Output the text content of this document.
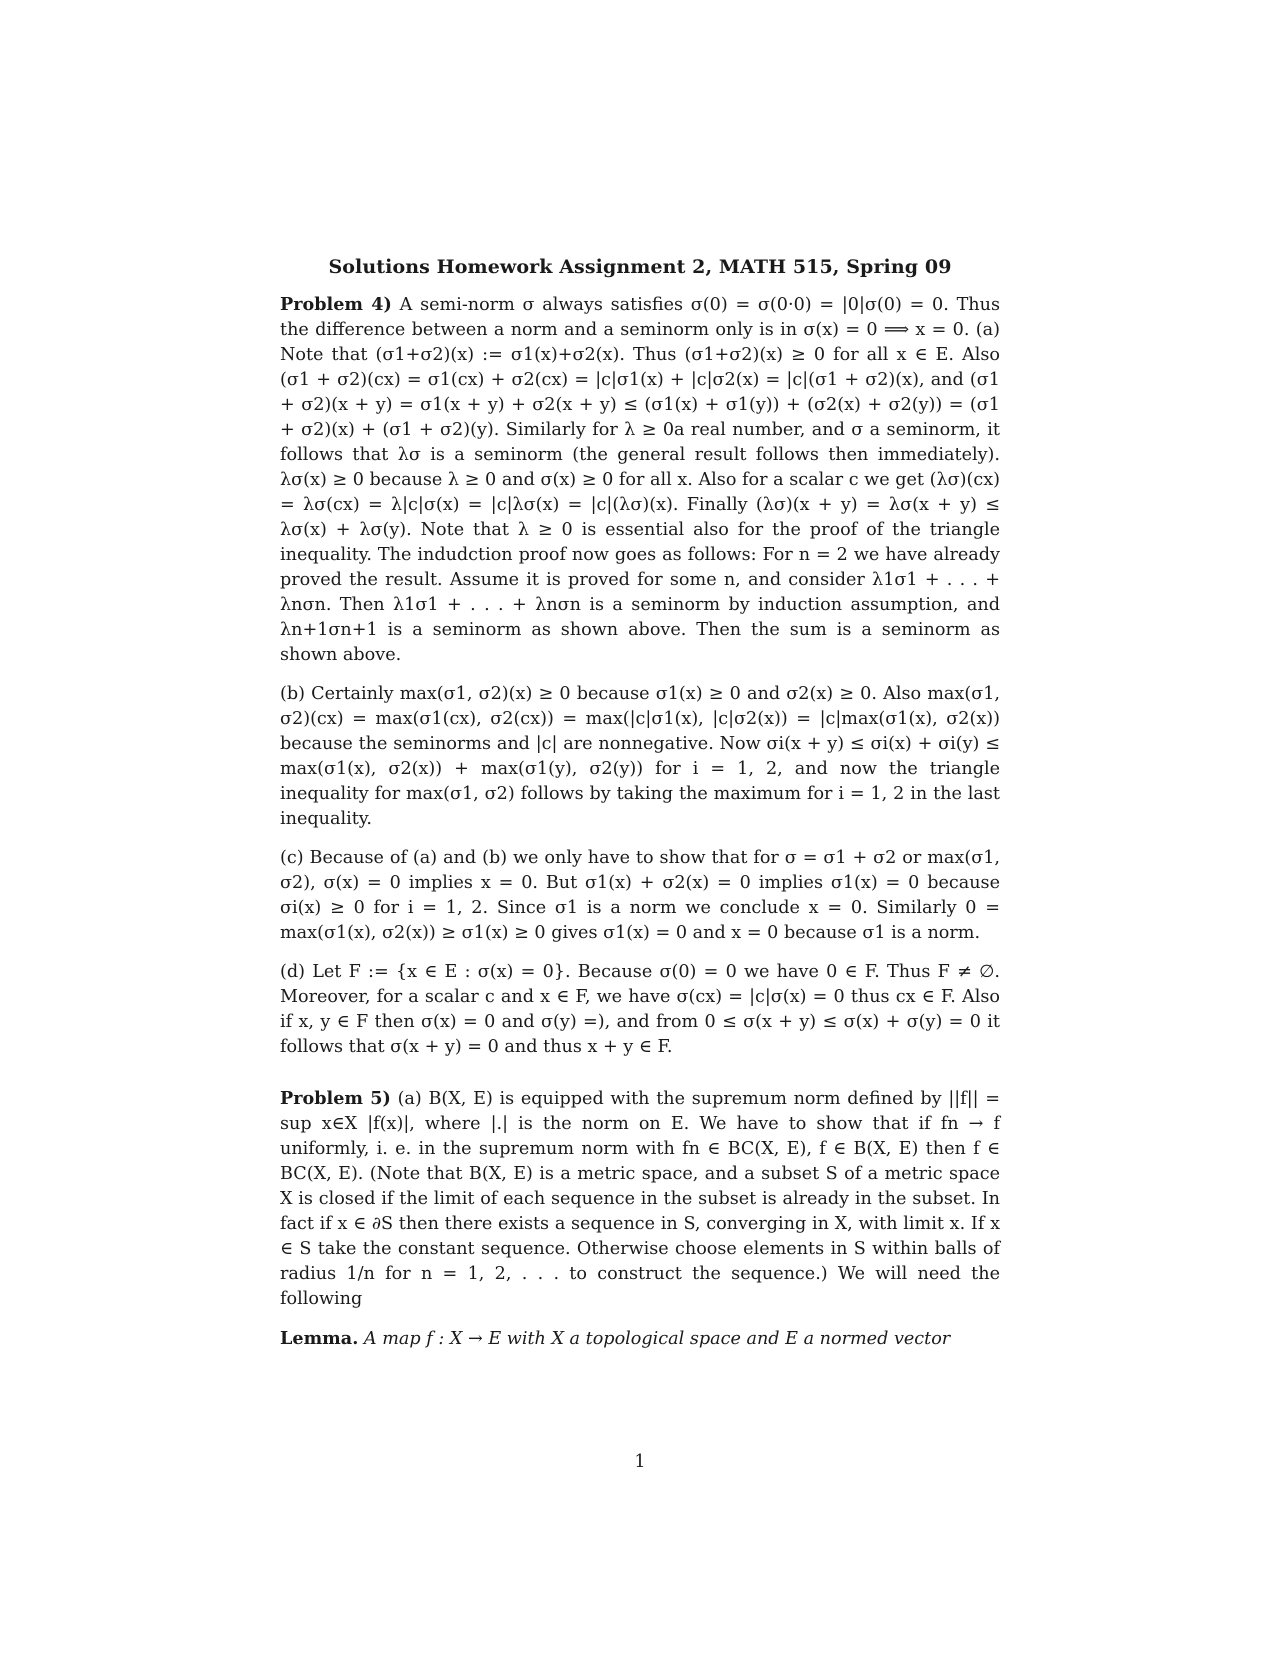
Solutions Homework Assignment 2, MATH 515, Spring 09

Problem 4) A semi-norm σ always satisfies σ(0) = σ(0·0) = |0|σ(0) = 0. Thus the difference between a norm and a seminorm only is in σ(x) = 0 ⟹ x = 0. (a) Note that (σ1+σ2)(x) := σ1(x)+σ2(x). Thus (σ1+σ2)(x) ≥ 0 for all x ∈ E. Also (σ1 + σ2)(cx) = σ1(cx) + σ2(cx) = |c|σ1(x) + |c|σ2(x) = |c|(σ1 + σ2)(x), and (σ1 + σ2)(x + y) = σ1(x + y) + σ2(x + y) ≤ (σ1(x) + σ1(y)) + (σ2(x) + σ2(y)) = (σ1 + σ2)(x) + (σ1 + σ2)(y). Similarly for λ ≥ 0a real number, and σ a seminorm, it follows that λσ is a seminorm (the general result follows then immediately). λσ(x) ≥ 0 because λ ≥ 0 and σ(x) ≥ 0 for all x. Also for a scalar c we get (λσ)(cx) = λσ(cx) = λ|c|σ(x) = |c|λσ(x) = |c|(λσ)(x). Finally (λσ)(x + y) = λσ(x + y) ≤ λσ(x) + λσ(y). Note that λ ≥ 0 is essential also for the proof of the triangle inequality. The indudction proof now goes as follows: For n = 2 we have already proved the result. Assume it is proved for some n, and consider λ1σ1 + . . . + λnσn. Then λ1σ1 + . . . + λnσn is a seminorm by induction assumption, and λn+1σn+1 is a seminorm as shown above. Then the sum is a seminorm as shown above.

(b) Certainly max(σ1, σ2)(x) ≥ 0 because σ1(x) ≥ 0 and σ2(x) ≥ 0. Also max(σ1, σ2)(cx) = max(σ1(cx), σ2(cx)) = max(|c|σ1(x), |c|σ2(x)) = |c|max(σ1(x), σ2(x)) because the seminorms and |c| are nonnegative. Now σi(x + y) ≤ σi(x) + σi(y) ≤ max(σ1(x), σ2(x)) + max(σ1(y), σ2(y)) for i = 1, 2, and now the triangle inequality for max(σ1, σ2) follows by taking the maximum for i = 1, 2 in the last inequality.

(c) Because of (a) and (b) we only have to show that for σ = σ1 + σ2 or max(σ1, σ2), σ(x) = 0 implies x = 0. But σ1(x) + σ2(x) = 0 implies σ1(x) = 0 because σi(x) ≥ 0 for i = 1, 2. Since σ1 is a norm we conclude x = 0. Similarly 0 = max(σ1(x), σ2(x)) ≥ σ1(x) ≥ 0 gives σ1(x) = 0 and x = 0 because σ1 is a norm.

(d) Let F := {x ∈ E : σ(x) = 0}. Because σ(0) = 0 we have 0 ∈ F. Thus F ≠ ∅. Moreover, for a scalar c and x ∈ F, we have σ(cx) = |c|σ(x) = 0 thus cx ∈ F. Also if x, y ∈ F then σ(x) = 0 and σ(y) =), and from 0 ≤ σ(x + y) ≤ σ(x) + σ(y) = 0 it follows that σ(x + y) = 0 and thus x + y ∈ F.

Problem 5) (a) B(X, E) is equipped with the supremum norm defined by ||f|| = sup x∈X |f(x)|, where |.| is the norm on E. We have to show that if fn → f uniformly, i. e. in the supremum norm with fn ∈ BC(X, E), f ∈ B(X, E) then f ∈ BC(X, E). (Note that B(X, E) is a metric space, and a subset S of a metric space X is closed if the limit of each sequence in the subset is already in the subset. In fact if x ∈ ∂S then there exists a sequence in S, converging in X, with limit x. If x ∈ S take the constant sequence. Otherwise choose elements in S within balls of radius 1/n for n = 1, 2, . . . to construct the sequence.) We will need the following

Lemma. A map f : X → E with X a topological space and E a normed vector

1
